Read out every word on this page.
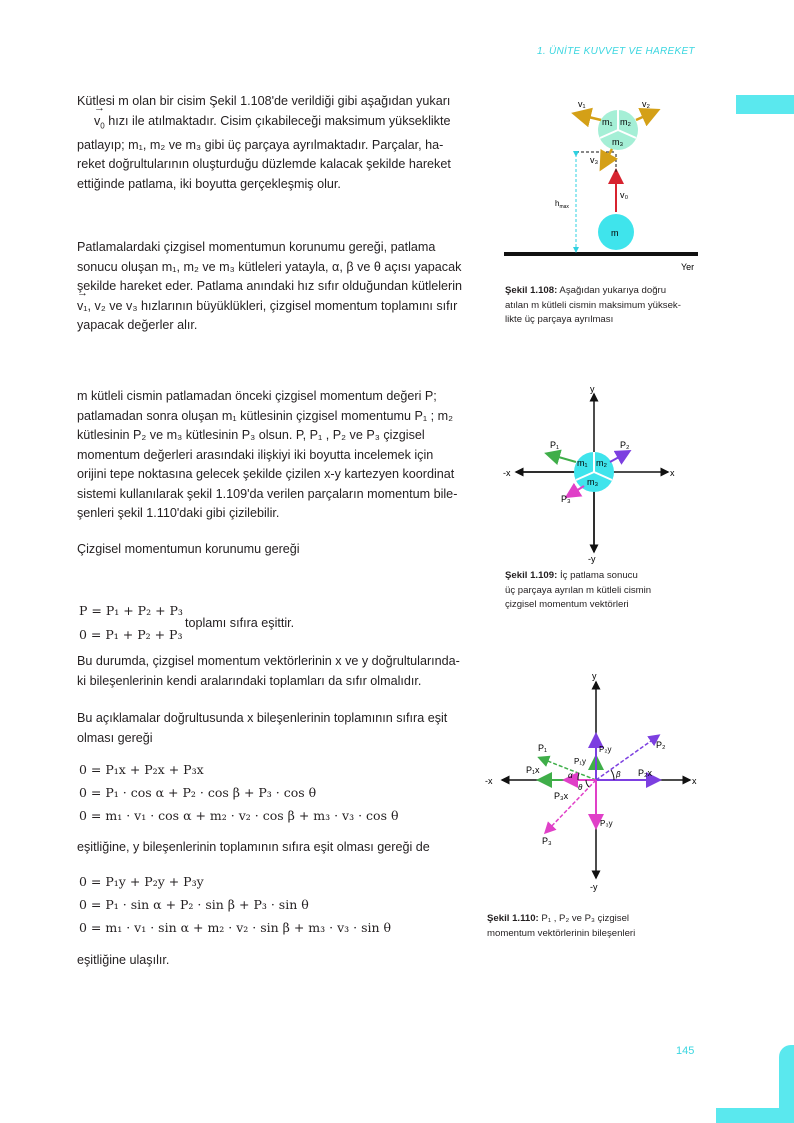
1. ÜNİTE KUVVET VE HAREKET
Kütlesi m olan bir cisim Şekil 1.108'de verildiği gibi aşağıdan yukarı
→ $v_0$ hızı ile atılmaktadır. Cisim çıkabileceği maksimum yükseklikte
patlayıp; m₁, m₂ ve m₃ gibi üç parçaya ayrılmaktadır. Parçalar, ha-
reket doğrultularının oluşturduğu düzlemde kalacak şekilde hareket
ettiğinde patlama, iki boyutta gerçekleşmiş olur.
Patlamalardaki çizgisel momentumun korunumu gereği, patlama
sonucu oluşan m₁, m₂ ve m₃ kütleleri yatayla, α, β ve θ açısı yapacak
şekilde hareket eder. Patlama anındaki hız sıfır olduğundan kütlelerin
→ v₁, v₂ ve v₃ hızlarının büyüklükleri, çizgisel momentum toplamını sıfır
yapacak değerler alır.
m kütleli cismin patlamadan önceki çizgisel momentum değeri P;
patlamadan sonra oluşan m₁ kütlesinin çizgisel momentumu P₁ ; m₂
kütlesinin P₂ ve m₃ kütlesinin P₃ olsun. P, P₁ , P₂ ve P₃ çizgisel
momentum değerleri arasındaki ilişkiyi iki boyutta incelemek için
orijini tepe noktasına gelecek şekilde çizilen x-y kartezyen koordinat
sistemi kullanılarak şekil 1.109'da verilen parçaların momentum bile-
şenleri şekil 1.110'daki gibi çizilebilir.
Çizgisel momentumun korunumu gereği
P = P₁ + P₂ + P₃
0 = P₁ + P₂ + P₃
toplamı sıfıra eşittir.
Bu durumda, çizgisel momentum vektörlerinin x ve y doğrultularında-
ki bileşenlerinin kendi aralarındaki toplamları da sıfır olmalıdır.
Bu açıklamalar doğrultusunda x bileşenlerinin toplamının sıfıra eşit
olması gereği
0 = P₁x + P₂x + P₃x
0 = P₁ · cos α + P₂ · cos β + P₃ · cos θ
0 = m₁ · v₁ · cos α + m₂ · v₂ · cos β + m₃ · v₃ · cos θ
eşitliğine, y bileşenlerinin toplamının sıfıra eşit olması gereği de
0 = P₁y + P₂y + P₃y
0 = P₁ · sin α + P₂ · sin β + P₃ · sin θ
0 = m₁ · v₁ · sin α + m₂ · v₂ · sin β + m₃ · v₃ · sin θ
eşitliğine ulaşılır.
Yer
m
v₀
$h_{max}$
m₁ m₂
m₃
v₁	v₂
v₃
Şekil 1.108: Aşağıdan yukarıya doğru
atılan m kütleli cismin maksimum yüksek-
likte üç parçaya ayrılması
y
-y
x
-x
m₁ m₂
m₃
P₁	P₂
P₃
Şekil 1.109: İç patlama sonucu
üç parçaya ayrılan m kütleli cismin
çizgisel momentum vektörleri
y
-y
x
-x
α	β
θ
P₁
P₁x
P₁y
P₂
P₂x
P₂y
P₃x
P₃y
P₃
Şekil 1.110: P₁ , P₂ ve P₃ çizgisel
momentum vektörlerinin bileşenleri
145
